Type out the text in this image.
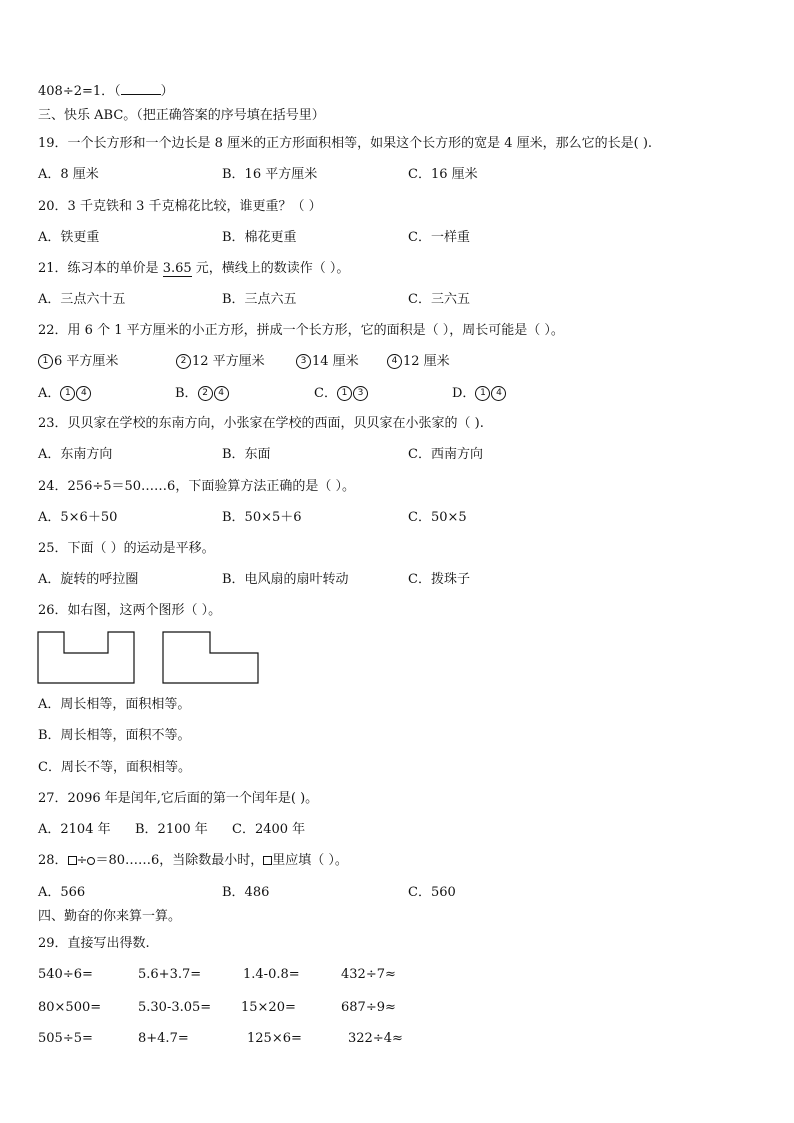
408÷2=1．（	）
三、快乐 ABC。（把正确答案的序号填在括号里）
19．一个长方形和一个边长是 8 厘米的正方形面积相等，如果这个长方形的宽是 4 厘米，那么它的长是( ).
A．8 厘米	B．16 平方厘米	C．16 厘米
20．3 千克铁和 3 千克棉花比较，谁更重？（ ）
A．铁更重	B．棉花更重	C．一样重
21．练习本的单价是 3.65 元，横线上的数读作（ ）。
A．三点六十五	B．三点六五	C．三六五
22．用 6 个 1 平方厘米的小正方形，拼成一个长方形，它的面积是（ ），周长可能是（ ）。
1 6 平方厘米	2 12 平方厘米	3 14 厘米	4 12 厘米
A． 1 4	B． 2 4	C． 1 3	D． 1 4
23．贝贝家在学校的东南方向，小张家在学校的西面，贝贝家在小张家的（ ).
A．东南方向	B．东面	C．西南方向
24．256÷5＝50……6，下面验算方法正确的是（ ）。
A．5×6＋50	B．50×5＋6	C．50×5
25．下面（ ）的运动是平移。
A．旋转的呼拉圈	B．电风扇的扇叶转动	C．拨珠子
26．如右图，这两个图形（ ）。
A．周长相等，面积相等。
B．周长相等，面积不等。
C．周长不等，面积相等。
27．2096 年是闰年,它后面的第一个闰年是( )。
A．2104 年 B．2100 年 C．2400 年
28． ÷ ＝80……6，当除数最小时， 里应填（ ）。
A．566	B．486	C．560
四、勤奋的你来算一算。
29．直接写出得数.
540÷6=	5.6+3.7=	1.4-0.8=	432÷7≈
80×500=	5.30-3.05= 15×20=	687÷9≈
505÷5=	8+4.7=	125×6=	322÷4≈
